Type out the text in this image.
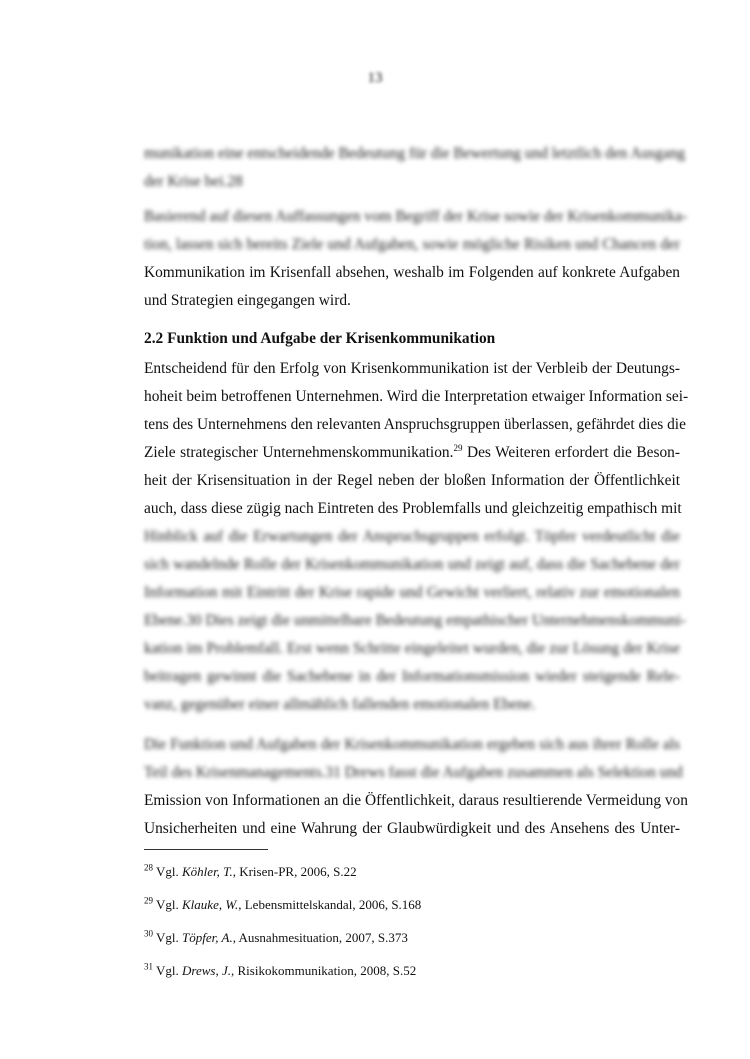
13
munikation eine entscheidende Bedeutung für die Bewertung und letztlich den Ausgang
der Krise bei.28
Basierend auf diesen Auffassungen vom Begriff der Krise sowie der Krisenkommunika-
tion, lassen sich bereits Ziele und Aufgaben, sowie mögliche Risiken und Chancen der
Kommunikation im Krisenfall absehen, weshalb im Folgenden auf konkrete Aufgaben
und Strategien eingegangen wird.
2.2 Funktion und Aufgabe der Krisenkommunikation
Entscheidend für den Erfolg von Krisenkommunikation ist der Verbleib der Deutungs-
hoheit beim betroffenen Unternehmen. Wird die Interpretation etwaiger Information sei-
tens des Unternehmens den relevanten Anspruchsgruppen überlassen, gefährdet dies die
Ziele strategischer Unternehmenskommunikation.$^{29}$ Des Weiteren erfordert die Beson-
heit der Krisensituation in der Regel neben der bloßen Information der Öffentlichkeit
auch, dass diese zügig nach Eintreten des Problemfalls und gleichzeitig empathisch mit
Hinblick auf die Erwartungen der Anspruchsgruppen erfolgt. Töpfer verdeutlicht die
sich wandelnde Rolle der Krisenkommunikation und zeigt auf, dass die Sachebene der
Information mit Eintritt der Krise rapide und Gewicht verliert, relativ zur emotionalen
Ebene.30 Dies zeigt die unmittelbare Bedeutung empathischer Unternehmenskommuni-
kation im Problemfall. Erst wenn Schritte eingeleitet wurden, die zur Lösung der Krise
beitragen gewinnt die Sachebene in der Informationsmission wieder steigende Rele-
vanz, gegenüber einer allmählich fallenden emotionalen Ebene.
Die Funktion und Aufgaben der Krisenkommunikation ergeben sich aus ihrer Rolle als
Teil des Krisenmanagements.31 Drews fasst die Aufgaben zusammen als Selektion und
Emission von Informationen an die Öffentlichkeit, daraus resultierende Vermeidung von
Unsicherheiten und eine Wahrung der Glaubwürdigkeit und des Ansehens des Unter-
$^{28}$ Vgl. Köhler, T., Krisen-PR, 2006, S.22
$^{29}$ Vgl. Klauke, W., Lebensmittelskandal, 2006, S.168
$^{30}$ Vgl. Töpfer, A., Ausnahmesituation, 2007, S.373
$^{31}$ Vgl. Drews, J., Risikokommunikation, 2008, S.52
